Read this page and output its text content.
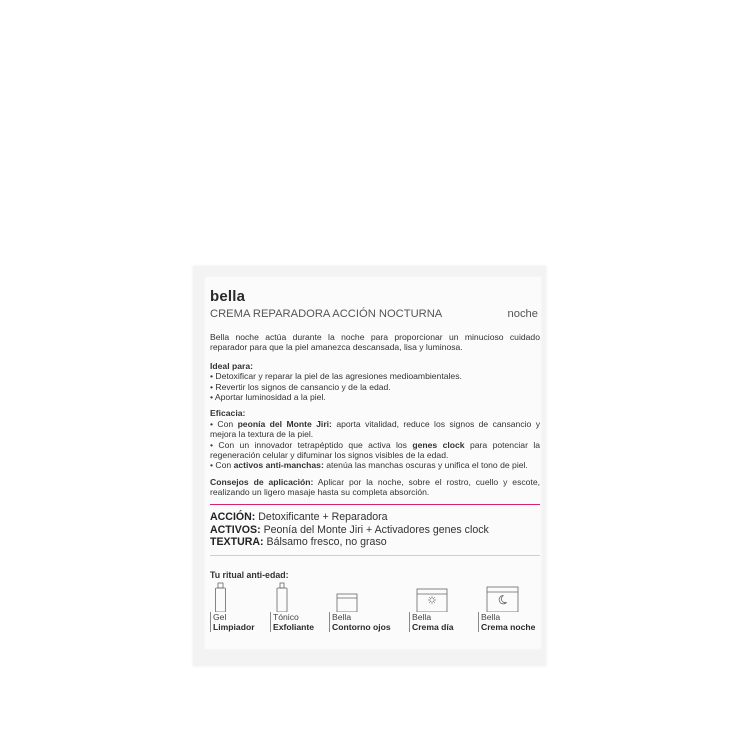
bella
CREMA REPARADORA ACCIÓN NOCTURNA	noche

Bella noche actúa durante la noche para proporcionar un minucioso cuidado reparador para que la piel amanezca descansada, lisa y luminosa.

Ideal para:
• Detoxificar y reparar la piel de las agresiones medioambientales.
• Revertir los signos de cansancio y de la edad.
• Aportar luminosidad a la piel.
Eficacia:
• Con peonía del Monte Jiri: aporta vitalidad, reduce los signos de cansancio y mejora la textura de la piel.
• Con un innovador tetrapéptido que activa los genes clock para potenciar la regeneración celular y difuminar los signos visibles de la edad.
• Con activos anti-manchas: atenúa las manchas oscuras y unifica el tono de piel.
Consejos de aplicación: Aplicar por la noche, sobre el rostro, cuello y escote, realizando un ligero masaje hasta su completa absorción.
ACCIÓN: Detoxificante + Reparadora
ACTIVOS: Peonía del Monte Jiri + Activadores genes clock
TEXTURA: Bálsamo fresco, no graso
Tu ritual anti-edad:
Gel
Limpiador
Tónico
Exfoliante
Bella
Contorno ojos
Bella
Crema día
Bella
Crema noche
